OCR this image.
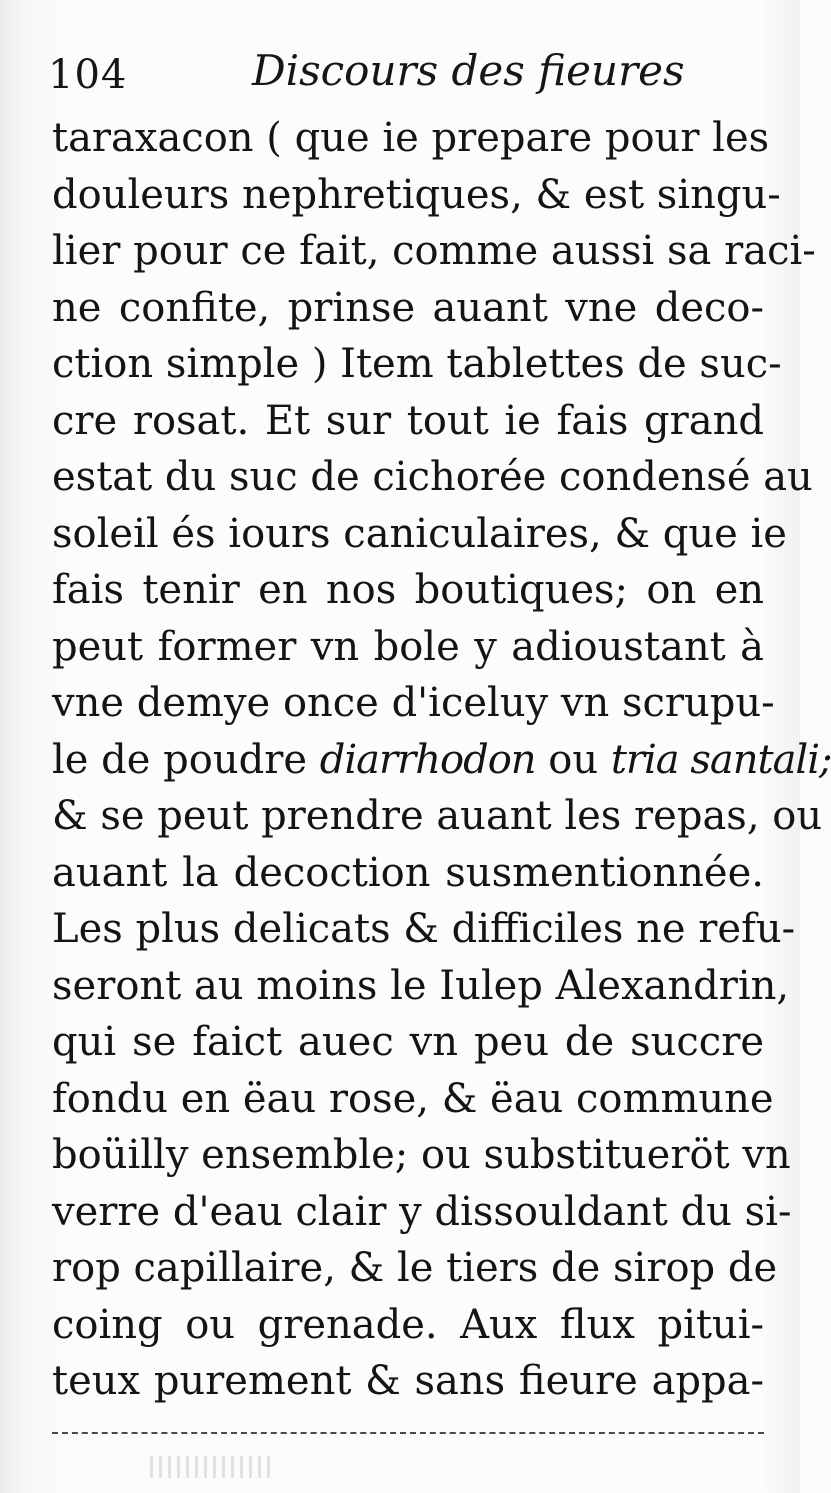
104	Discours des fieures
taraxacon ( que ie prepare pour les
douleurs nephretiques, & est singu-
lier pour ce fait, comme aussi sa raci-
ne confite, prinse auant vne deco-
ction simple ) Item tablettes de suc-
cre rosat. Et sur tout ie fais grand
estat du suc de cichorée condensé au
soleil és iours caniculaires, & que ie
fais tenir en nos boutiques; on en
peut former vn bole y adioustant à
vne demye once d'iceluy vn scrupu-
le de poudre diarrhodon ou tria santali;
& se peut prendre auant les repas, ou
auant la decoction susmentionnée.
Les plus delicats & difficiles ne refu-
seront au moins le Iulep Alexandrin,
qui se faict auec vn peu de succre
fondu en ëau rose, & ëau commune
boüilly ensemble; ou substitueröt vn
verre d'eau clair y dissouldant du si-
rop capillaire, & le tiers de sirop de
coing ou grenade. Aux flux pitui-
teux purement & sans fieure appa-
